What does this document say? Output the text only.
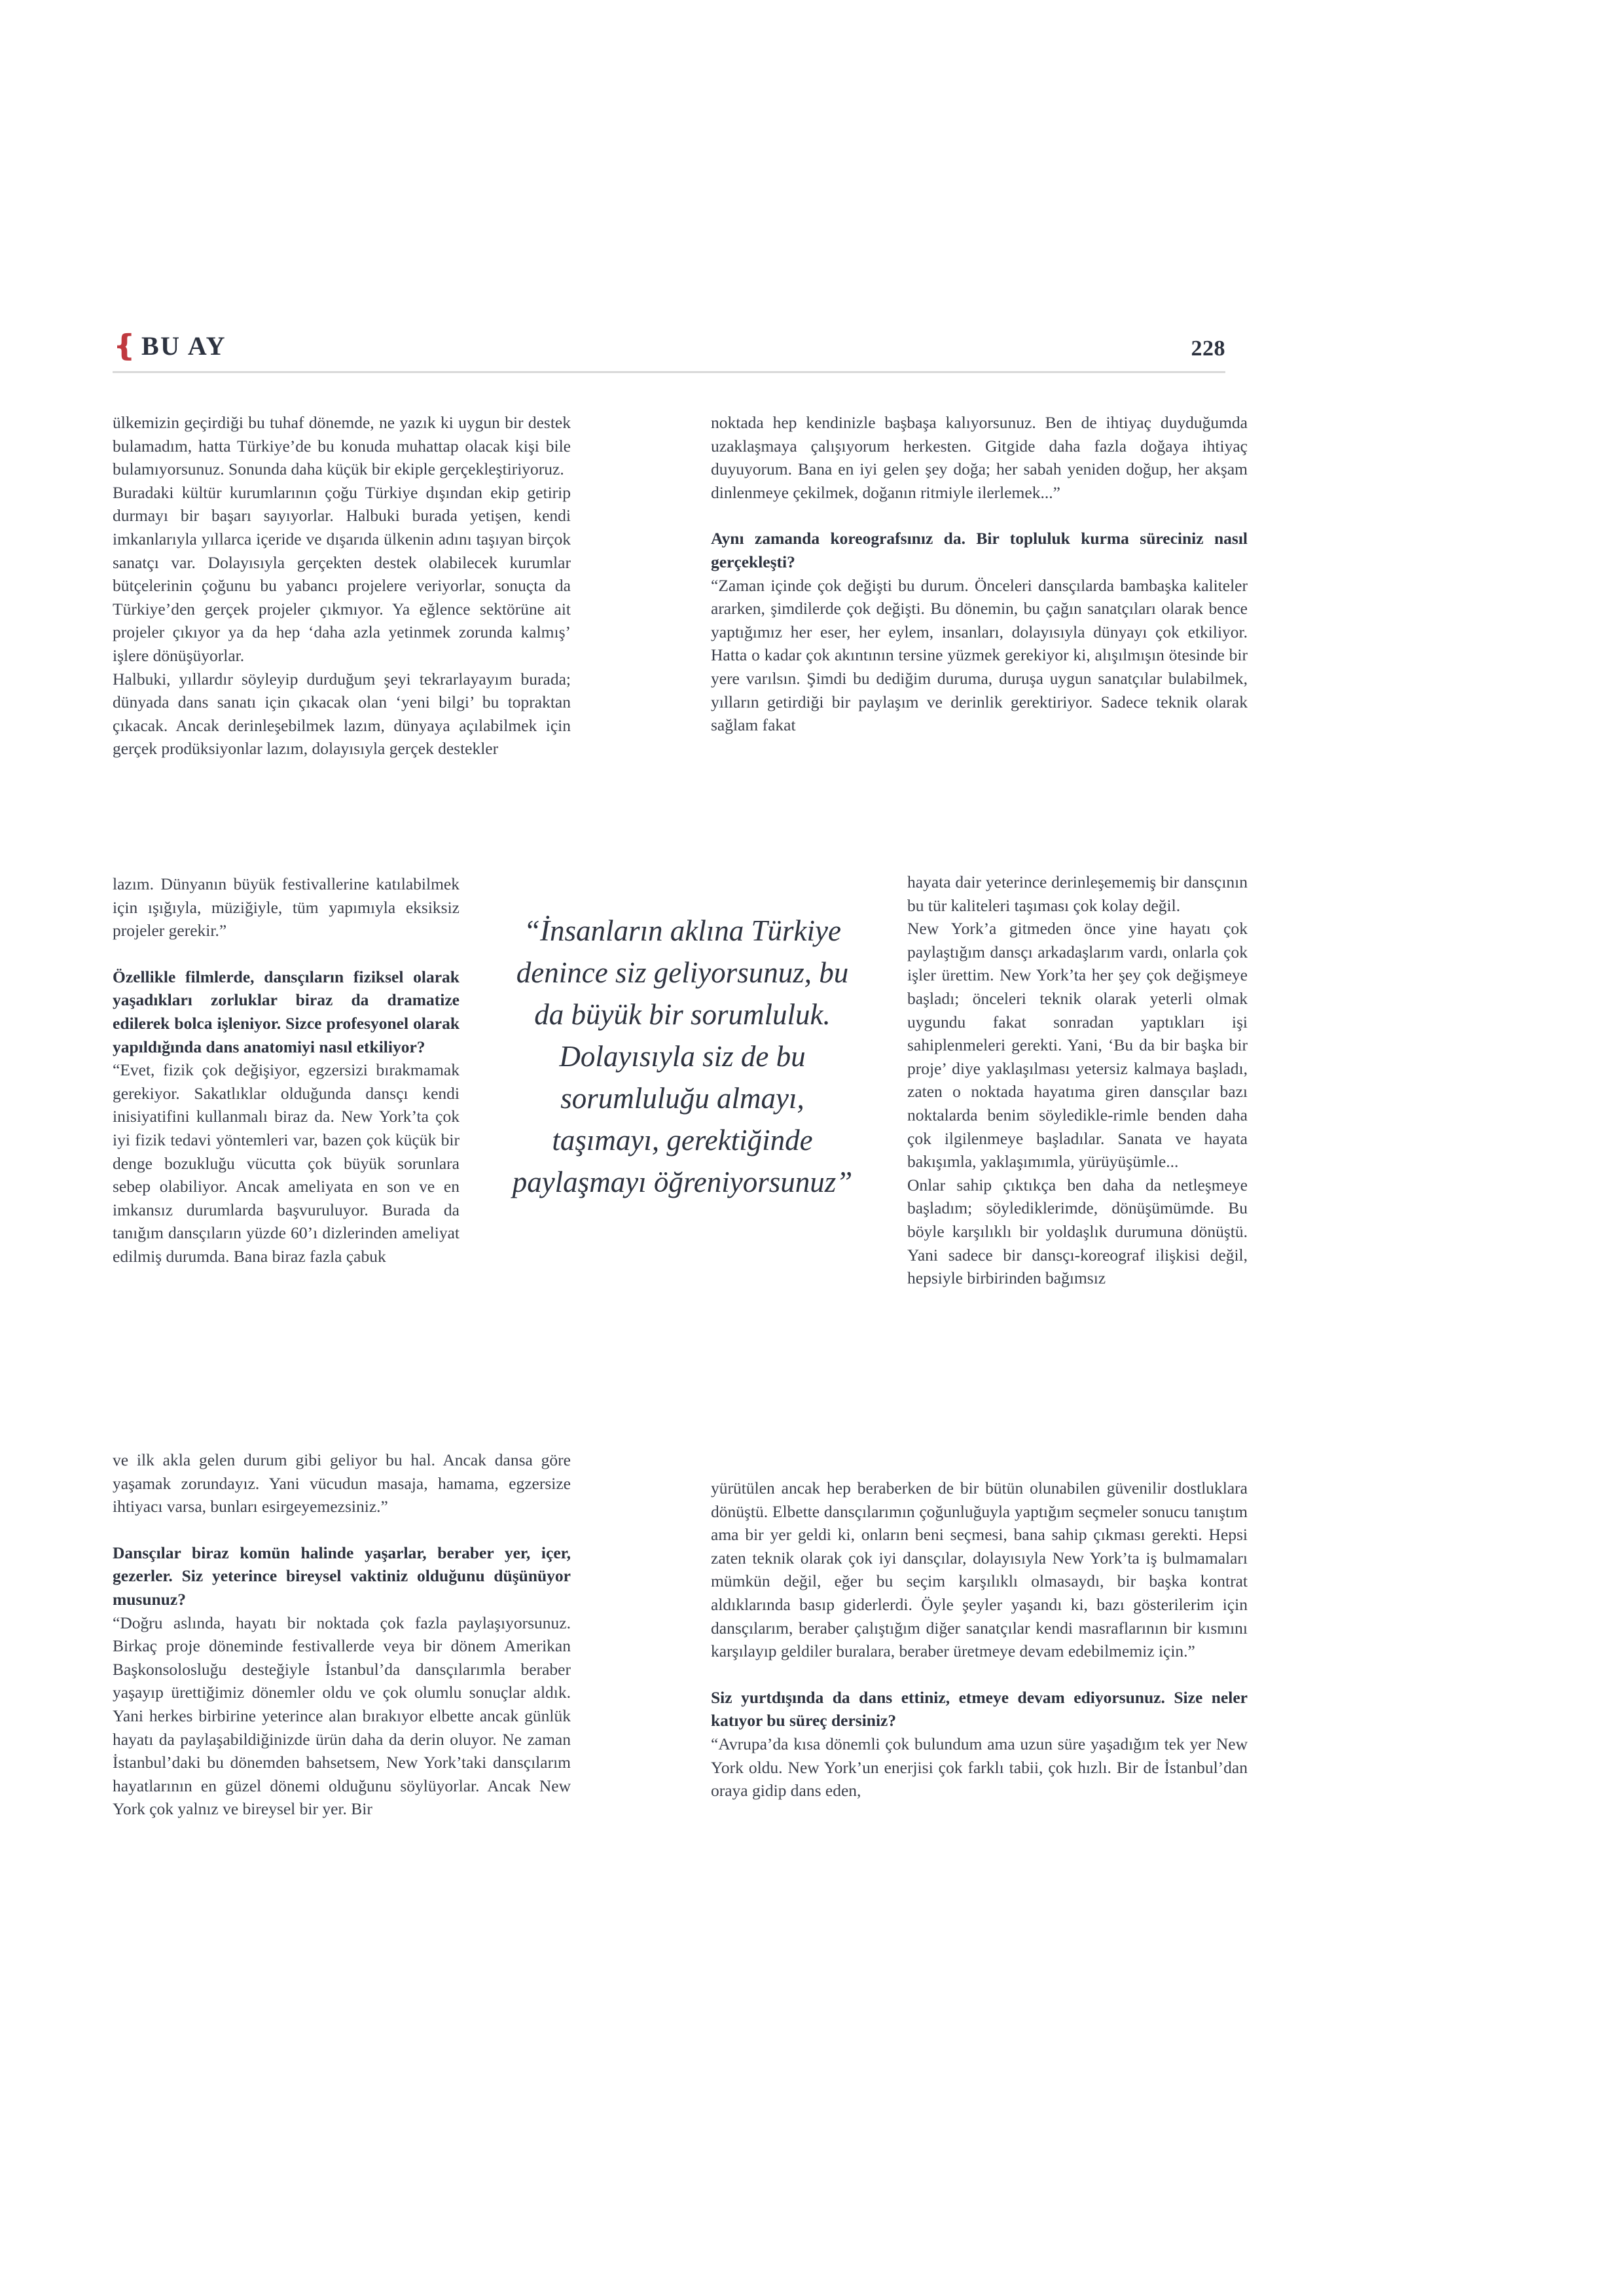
❴ BU AY	228

ülkemizin geçirdiği bu tuhaf dönemde, ne yazık ki uygun bir destek bulamadım, hatta Türkiye’de bu konuda muhattap olacak kişi bile bulamıyorsunuz. Sonunda daha küçük bir ekiple gerçekleştiriyoruz.

Buradaki kültür kurumlarının çoğu Türkiye dışından ekip getirip durmayı bir başarı sayıyorlar. Halbuki burada yetişen, kendi imkanlarıyla yıllarca içeride ve dışarıda ülkenin adını taşıyan birçok sanatçı var. Dolayısıyla gerçekten destek olabilecek kurumlar bütçelerinin çoğunu bu yabancı projelere veriyorlar, sonuçta da Türkiye’den gerçek projeler çıkmıyor. Ya eğlence sektörüne ait projeler çıkıyor ya da hep ‘daha azla yetinmek zorunda kalmış’ işlere dönüşüyorlar.

Halbuki, yıllardır söyleyip durduğum şeyi tekrarlayayım burada; dünyada dans sanatı için çıkacak olan ‘yeni bilgi’ bu topraktan çıkacak. Ancak derinleşebilmek lazım, dünyaya açılabilmek için gerçek prodüksiyonlar lazım, dolayısıyla gerçek destekler

lazım. Dünyanın büyük festivallerine katılabilmek için ışığıyla, müziğiyle, tüm yapımıyla eksiksiz projeler gerekir.”

Özellikle filmlerde, dansçıların fiziksel olarak yaşadıkları zorluklar biraz da dramatize edilerek bolca işleniyor. Sizce profesyonel olarak yapıldığında dans anatomiyi nasıl etkiliyor?

“Evet, fizik çok değişiyor, egzersizi bırakmamak gerekiyor. Sakatlıklar olduğunda dansçı kendi inisiyatifini kullanmalı biraz da. New York’ta çok iyi fizik tedavi yöntemleri var, bazen çok küçük bir denge bozukluğu vücutta çok büyük sorunlara sebep olabiliyor. Ancak ameliyata en son ve en imkansız durumlarda başvuruluyor. Burada da tanığım dansçıların yüzde 60’ı dizlerinden ameliyat edilmiş durumda. Bana biraz fazla çabuk

ve ilk akla gelen durum gibi geliyor bu hal. Ancak dansa göre yaşamak zorundayız. Yani vücudun masaja, hamama, egzersize ihtiyacı varsa, bunları esirgeyemezsiniz.”

Dansçılar biraz komün halinde yaşarlar, beraber yer, içer, gezerler. Siz yeterince bireysel vaktiniz olduğunu düşünüyor musunuz?

“Doğru aslında, hayatı bir noktada çok fazla paylaşıyorsunuz. Birkaç proje döneminde festivallerde veya bir dönem Amerikan Başkonsolosluğu desteğiyle İstanbul’da dansçılarımla beraber yaşayıp ürettiğimiz dönemler oldu ve çok olumlu sonuçlar aldık. Yani herkes birbirine yeterince alan bırakıyor elbette ancak günlük hayatı da paylaşabildiğinizde ürün daha da derin oluyor. Ne zaman İstanbul’daki bu dönemden bahsetsem, New York’taki dansçılarım hayatlarının en güzel dönemi olduğunu söylüyorlar. Ancak New York çok yalnız ve bireysel bir yer. Bir

“İnsanların aklına Türkiye denince siz geliyorsunuz, bu da büyük bir sorumluluk. Dolayısıyla siz de bu sorumluluğu almayı, taşımayı, gerektiğinde paylaşmayı öğreniyorsunuz”

noktada hep kendinizle başbaşa kalıyorsunuz. Ben de ihtiyaç duyduğumda uzaklaşmaya çalışıyorum herkesten. Gitgide daha fazla doğaya ihtiyaç duyuyorum. Bana en iyi gelen şey doğa; her sabah yeniden doğup, her akşam dinlenmeye çekilmek, doğanın ritmiyle ilerlemek...”

Aynı zamanda koreografsınız da. Bir topluluk kurma süreciniz nasıl gerçekleşti?

“Zaman içinde çok değişti bu durum. Önceleri dansçılarda bambaşka kaliteler ararken, şimdilerde çok değişti. Bu dönemin, bu çağın sanatçıları olarak bence yaptığımız her eser, her eylem, insanları, dolayısıyla dünyayı çok etkiliyor. Hatta o kadar çok akıntının tersine yüzmek gerekiyor ki, alışılmışın ötesinde bir yere varılsın. Şimdi bu dediğim duruma, duruşa uygun sanatçılar bulabilmek, yılların getirdiği bir paylaşım ve derinlik gerektiriyor. Sadece teknik olarak sağlam fakat

hayata dair yeterince derinleşememiş bir dansçının bu tür kaliteleri taşıması çok kolay değil.

New York’a gitmeden önce yine hayatı çok paylaştığım dansçı arkadaşlarım vardı, onlarla çok işler ürettim. New York’ta her şey çok değişmeye başladı; önceleri teknik olarak yeterli olmak uygundu fakat sonradan yaptıkları işi sahiplenmeleri gerekti. Yani, ‘Bu da bir başka bir proje’ diye yaklaşılması yetersiz kalmaya başladı, zaten o noktada hayatıma giren dansçılar bazı noktalarda benim söyledikle-rimle benden daha çok ilgilenmeye başladılar. Sanata ve hayata bakışımla, yaklaşımımla, yürüyüşümle...

Onlar sahip çıktıkça ben daha da netleşmeye başladım; söylediklerimde, dönüşümümde. Bu böyle karşılıklı bir yoldaşlık durumuna dönüştü. Yani sadece bir dansçı-koreograf ilişkisi değil, hepsiyle birbirinden bağımsız

yürütülen ancak hep beraberken de bir bütün olunabilen güvenilir dostluklara dönüştü. Elbette dansçılarımın çoğunluğuyla yaptığım seçmeler sonucu tanıştım ama bir yer geldi ki, onların beni seçmesi, bana sahip çıkması gerekti. Hepsi zaten teknik olarak çok iyi dansçılar, dolayısıyla New York’ta iş bulmamaları mümkün değil, eğer bu seçim karşılıklı olmasaydı, bir başka kontrat aldıklarında basıp giderlerdi. Öyle şeyler yaşandı ki, bazı gösterilerim için dansçılarım, beraber çalıştığım diğer sanatçılar kendi masraflarının bir kısmını karşılayıp geldiler buralara, beraber üretmeye devam edebilmemiz için.”

Siz yurtdışında da dans ettiniz, etmeye devam ediyorsunuz. Size neler katıyor bu süreç dersiniz?

“Avrupa’da kısa dönemli çok bulundum ama uzun süre yaşadığım tek yer New York oldu. New York’un enerjisi çok farklı tabii, çok hızlı. Bir de İstanbul’dan oraya gidip dans eden,
